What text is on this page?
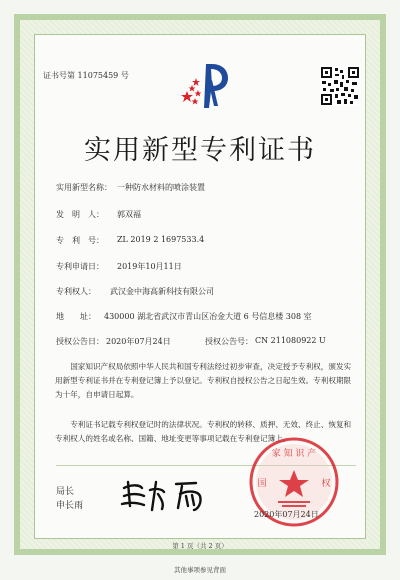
证书号第 11075459 号
实用新型专利证书
实用新型名称： 一种防水材料的喷涂装置
发　明　人： 郭双福
专　利　号： ZL 2019 2 1697533.4
专利申请日： 2019年10月11日
专利权人： 武汉金中海高新科技有限公司
地　　址： 430000 湖北省武汉市青山区冶金大道 6 号信息楼 308 室
授权公告日： 2020年07月24日	授权公告号： CN 211080922 U

国家知识产权局依照中华人民共和国专利法经过初步审查，决定授予专利权，颁发实用新型专利证书并在专利登记簿上予以登记。专利权自授权公告之日起生效。专利权期限为十年，自申请日起算。

专利证书记载专利权登记时的法律状况。专利权的转移、质押、无效、终止、恢复和专利权人的姓名或名称、国籍、地址变更等事项记载在专利登记簿上。

局长
申长雨
家 知 识 产
国	权
2020年07月24日
第 1 页（共 2 页）
其他事项参见背面
